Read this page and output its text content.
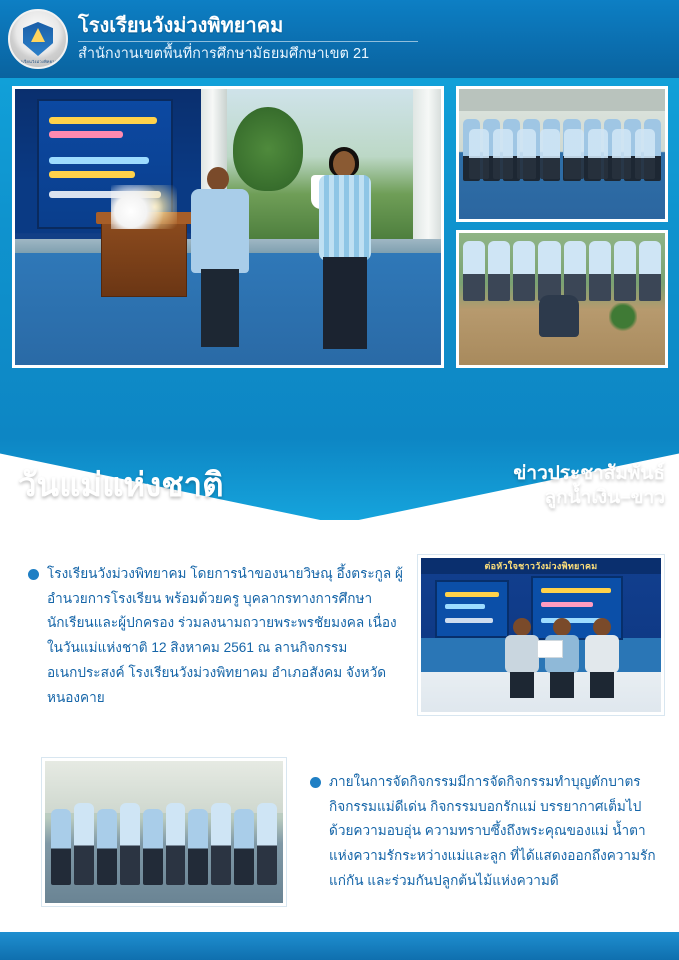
โรงเรียนวังม่วงพิทยาคม
โรงเรียนวังม่วงพิทยาคม
สำนักงานเขตพื้นที่การศึกษามัธยมศึกษาเขต 21
วันแม่แห่งชาติ	ข่าวประชาสัมพันธ์
ลูกน้ำเงิน–ขาว
โรงเรียนวังม่วงพิทยาคม โดยการนำของนายวิษณุ อึ้งตระกูล ผู้อำนวยการโรงเรียน พร้อมด้วยครู บุคลากรทางการศึกษา นักเรียนและผู้ปกครอง ร่วมลงนามถวายพระพรชัยมงคล เนื่องในวันแม่แห่งชาติ 12 สิงหาคม 2561 ณ ลานกิจกรรมอเนกประสงค์ โรงเรียนวังม่วงพิทยาคม อำเภอสังคม จังหวัดหนองคาย
ต่อหัวใจชาววังม่วงพิทยาคม
ภายในการจัดกิจกรรมมีการจัดกิจกรรมทำบุญตักบาตร กิจกรรมแม่ดีเด่น กิจกรรมบอกรักแม่ บรรยากาศเต็มไปด้วยความอบอุ่น ความทราบซึ้งถึงพระคุณของแม่ น้ำตาแห่งความรักระหว่างแม่และลูก ที่ได้แสดงออกถึงความรักแก่กัน และร่วมกันปลูกต้นไม้แห่งความดี
